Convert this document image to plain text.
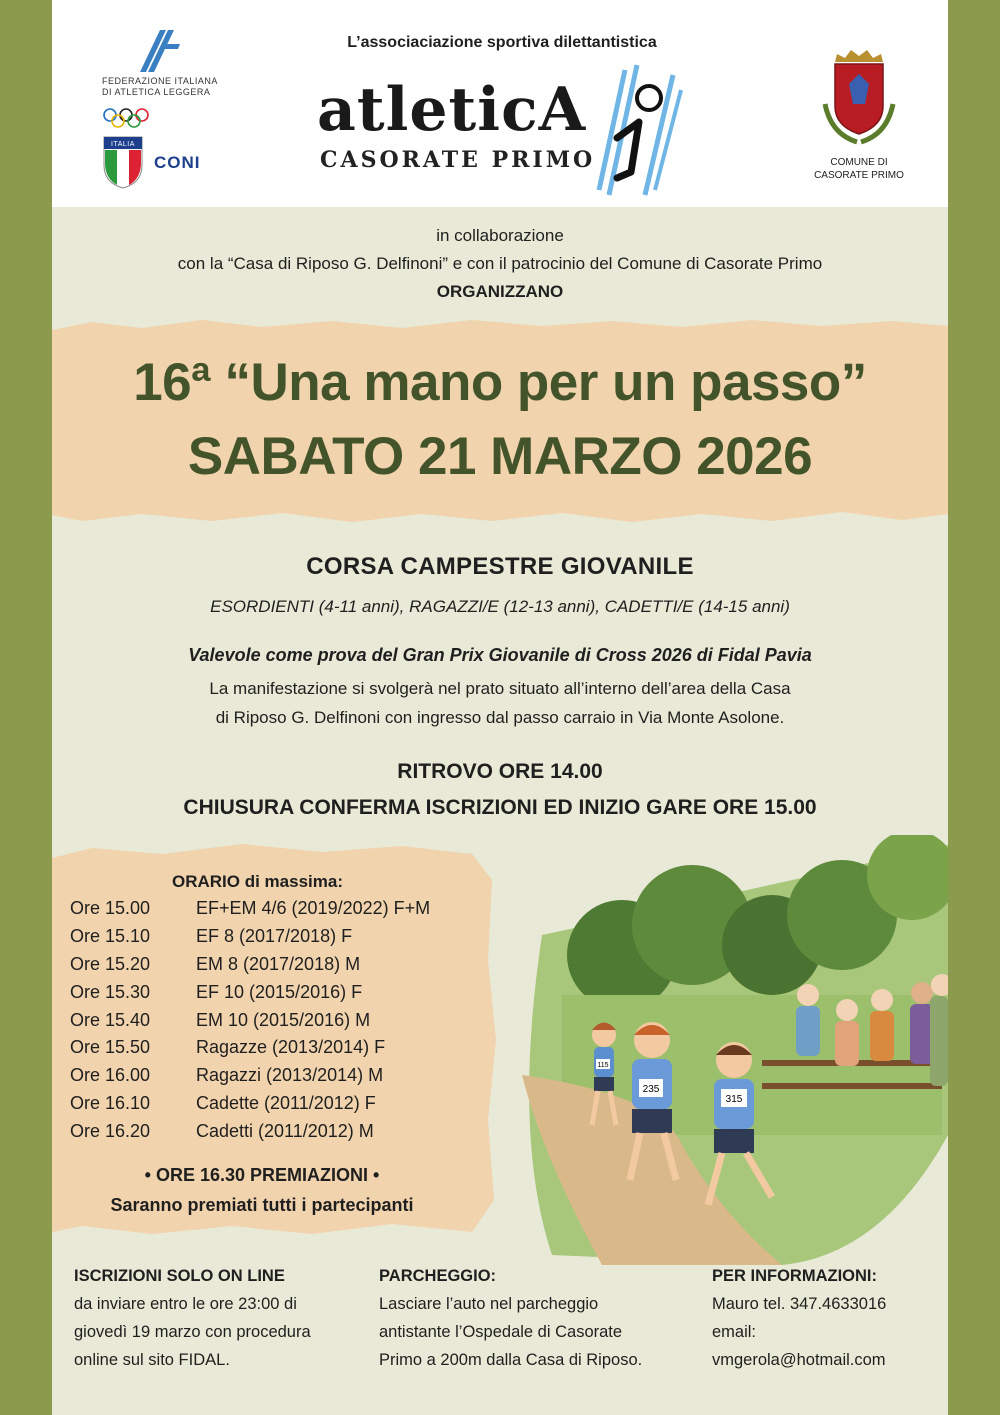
FEDERAZIONE ITALIANA
DI ATLETICA LEGGERA
ITALIA
CONI
L’associaciazione sportiva dilettantistica
atleticA
CASORATE PRIMO	COMUNE DI
CASORATE PRIMO
in collaborazione
con la “Casa di Riposo G. Delfinoni” e con il patrocinio del Comune di Casorate Primo
ORGANIZZANO
16ª “Una mano per un passo”
SABATO 21 MARZO 2026
CORSA CAMPESTRE GIOVANILE
ESORDIENTI (4-11 anni), RAGAZZI/E (12-13 anni), CADETTI/E (14-15 anni)
Valevole come prova del Gran Prix Giovanile di Cross 2026 di Fidal Pavia
La manifestazione si svolgerà nel prato situato all’interno dell’area della Casa
di Riposo G. Delfinoni con ingresso dal passo carraio in Via Monte Asolone.
RITROVO ORE 14.00
CHIUSURA CONFERMA ISCRIZIONI ED INIZIO GARE ORE 15.00
ORARIO di massima:
Ore 15.00	EF+EM 4/6 (2019/2022) F+M
Ore 15.10	EF 8 (2017/2018) F
Ore 15.20	EM 8 (2017/2018) M
Ore 15.30	EF 10 (2015/2016) F
Ore 15.40	EM 10 (2015/2016) M
Ore 15.50	Ragazze (2013/2014) F
Ore 16.00	Ragazzi (2013/2014) M
Ore 16.10	Cadette (2011/2012) F
Ore 16.20	Cadetti (2011/2012) M
• ORE 16.30 PREMIAZIONI •
Saranno premiati tutti i partecipanti
115
235
315
ISCRIZIONI SOLO ON LINE
da inviare entro le ore 23:00 di
giovedì 19 marzo con procedura
online sul sito FIDAL.
PARCHEGGIO:
Lasciare l’auto nel parcheggio
antistante l’Ospedale di Casorate
Primo a 200m dalla Casa di Riposo.
PER INFORMAZIONI:
Mauro tel. 347.4633016
email:
vmgerola@hotmail.com
